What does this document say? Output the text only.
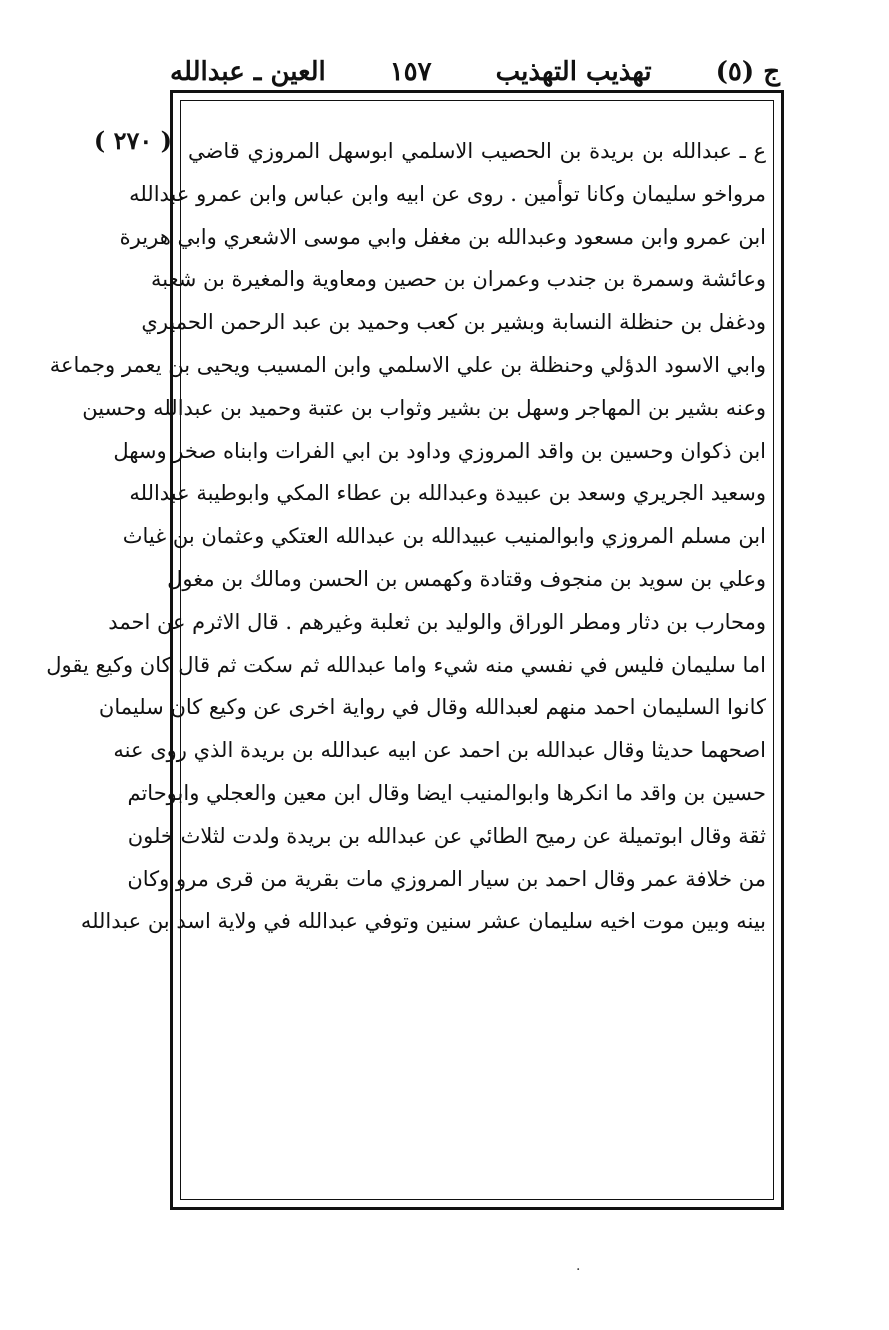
ج (٥)
تهذيب التهذيب
١٥٧
العين ـ عبدالله
( ٢٧٠ ) ع ـ عبدالله بن بريدة بن الحصيب الاسلمي ابوسهل المروزي قاضي
مرواخو سليمان وكانا توأمين . روى عن ابيه وابن عباس وابن عمرو عبدالله
ابن عمرو وابن مسعود وعبدالله بن مغفل وابي موسى الاشعري وابي هريرة
وعائشة وسمرة بن جندب وعمران بن حصين ومعاوية والمغيرة بن شعبة
ودغفل بن حنظلة النسابة وبشير بن كعب وحميد بن عبد الرحمن الحميري
وابي الاسود الدؤلي وحنظلة بن علي الاسلمي وابن المسيب ويحيى بن يعمر وجماعة
وعنه بشير بن المهاجر وسهل بن بشير وثواب بن عتبة وحميد بن عبدالله وحسين
ابن ذكوان وحسين بن واقد المروزي وداود بن ابي الفرات وابناه صخر وسهل
وسعيد الجريري وسعد بن عبيدة وعبدالله بن عطاء المكي وابوطيبة عبدالله
ابن مسلم المروزي وابوالمنيب عبيدالله بن عبدالله العتكي وعثمان بن غياث
وعلي بن سويد بن منجوف وقتادة وكهمس بن الحسن ومالك بن مغول
ومحارب بن دثار ومطر الوراق والوليد بن ثعلبة وغيرهم . قال الاثرم عن احمد
اما سليمان فليس في نفسي منه شيء واما عبدالله ثم سكت ثم قال كان وكيع يقول
كانوا السليمان احمد منهم لعبدالله وقال في رواية اخرى عن وكيع كان سليمان
اصحهما حديثا وقال عبدالله بن احمد عن ابيه عبدالله بن بريدة الذي روى عنه
حسين بن واقد ما انكرها وابوالمنيب ايضا وقال ابن معين والعجلي وابوحاتم
ثقة وقال ابوتميلة عن رميح الطائي عن عبدالله بن بريدة ولدت لثلاث خلون
من خلافة عمر وقال احمد بن سيار المروزي مات بقرية من قرى مرو وكان
بينه وبين موت اخيه سليمان عشر سنين وتوفي عبدالله في ولاية اسد بن عبدالله
·
